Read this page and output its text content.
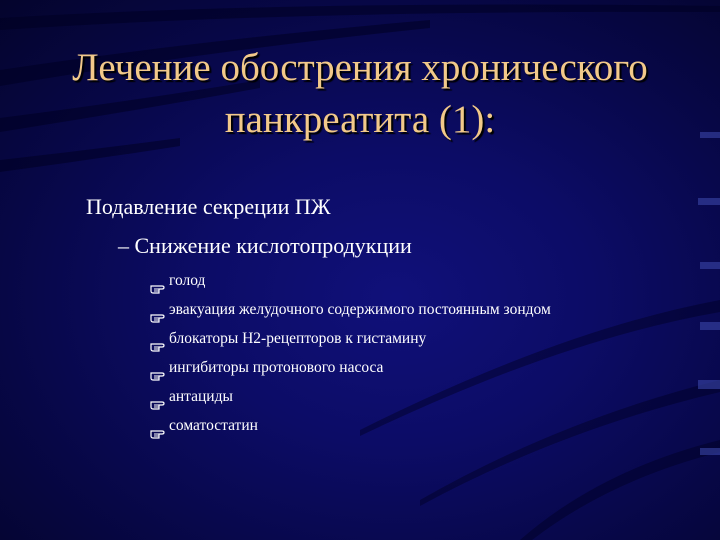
Лечение обострения хронического
панкреатита (1):
Подавление секреции ПЖ
– Снижение кислотопродукции
голод
эвакуация желудочного содержимого постоянным зондом
блокаторы Н2-рецепторов к гистамину
ингибиторы протонового насоса
антациды
соматостатин
